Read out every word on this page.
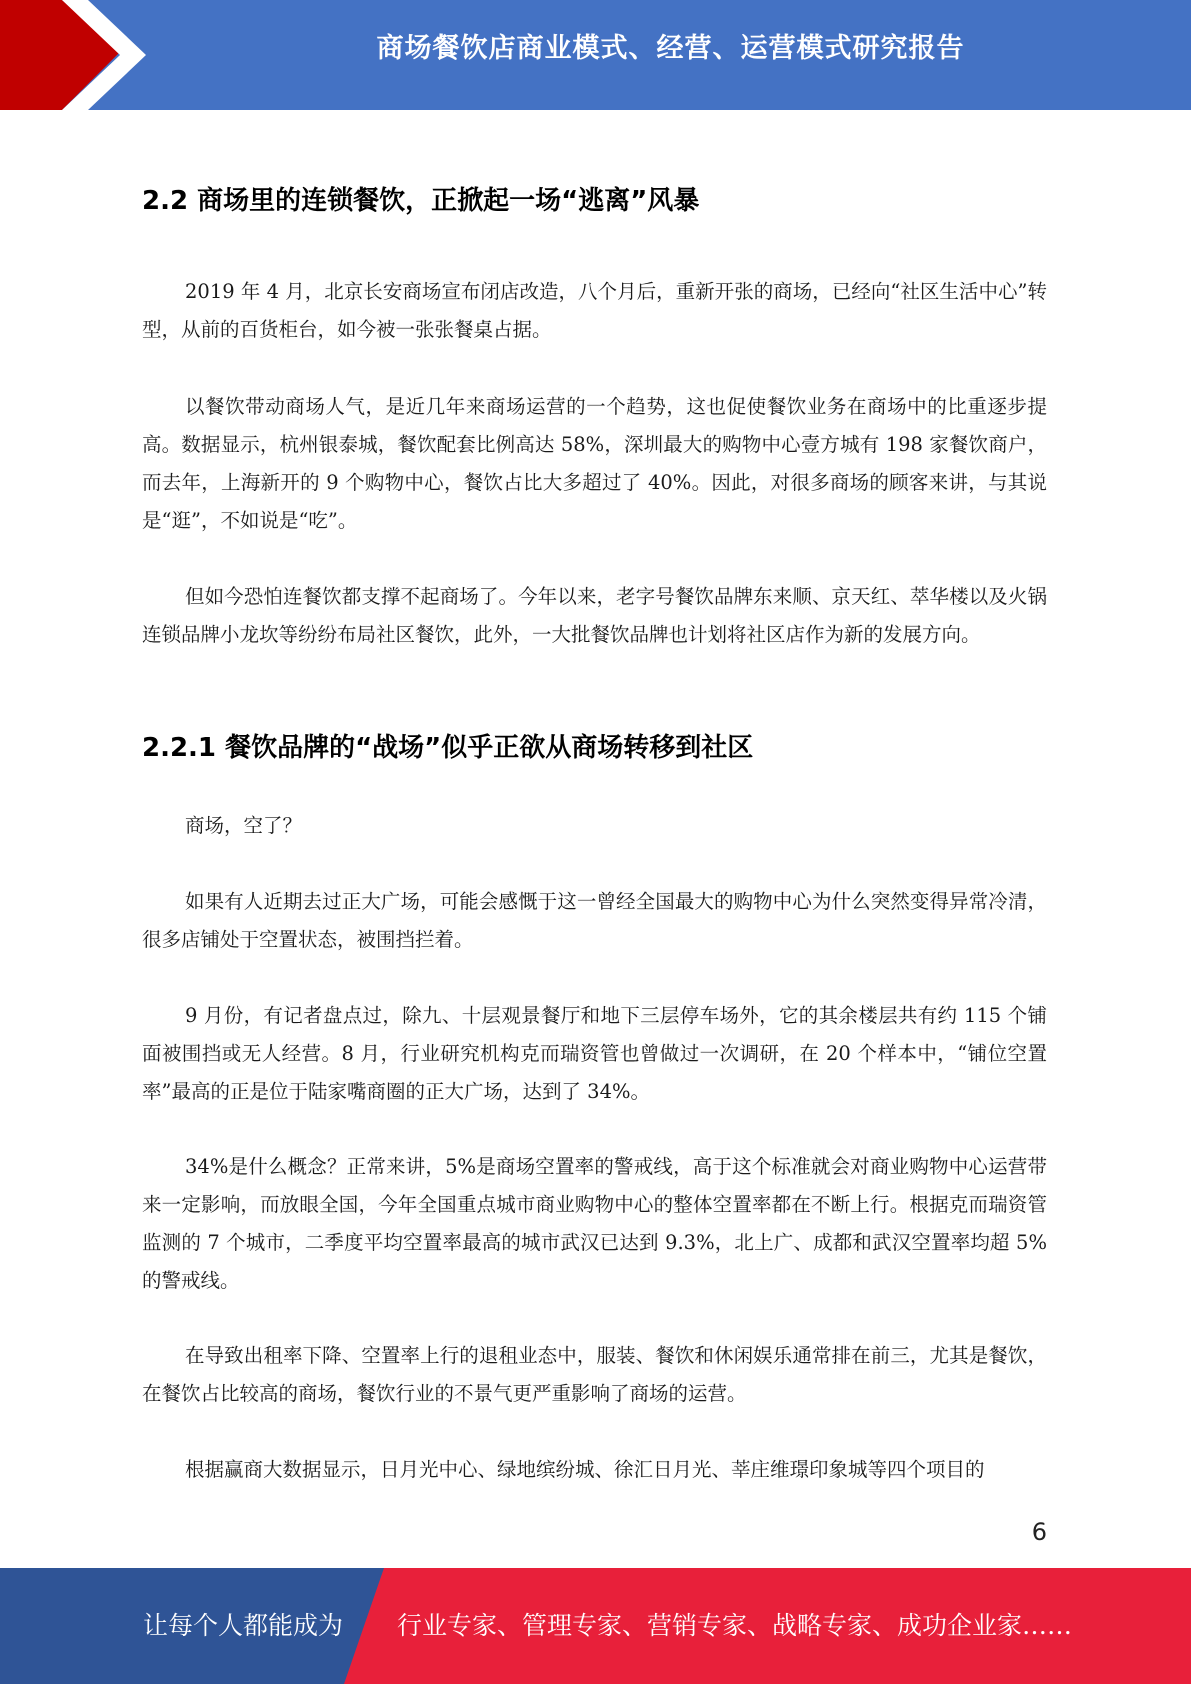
商场餐饮店商业模式、经营、运营模式研究报告
2.2 商场里的连锁餐饮，正掀起一场“逃离”风暴

2019 年 4 月，北京长安商场宣布闭店改造，八个月后，重新开张的商场，已经向“社区生活中心”转型，从前的百货柜台，如今被一张张餐桌占据。

以餐饮带动商场人气，是近几年来商场运营的一个趋势，这也促使餐饮业务在商场中的比重逐步提高。数据显示，杭州银泰城，餐饮配套比例高达 58%，深圳最大的购物中心壹方城有 198 家餐饮商户，而去年，上海新开的 9 个购物中心，餐饮占比大多超过了 40%。因此，对很多商场的顾客来讲，与其说是“逛”，不如说是“吃”。

但如今恐怕连餐饮都支撑不起商场了。今年以来，老字号餐饮品牌东来顺、京天红、萃华楼以及火锅连锁品牌小龙坎等纷纷布局社区餐饮，此外，一大批餐饮品牌也计划将社区店作为新的发展方向。

2.2.1 餐饮品牌的“战场”似乎正欲从商场转移到社区

商场，空了？

如果有人近期去过正大广场，可能会感慨于这一曾经全国最大的购物中心为什么突然变得异常冷清，很多店铺处于空置状态，被围挡拦着。

9 月份，有记者盘点过，除九、十层观景餐厅和地下三层停车场外，它的其余楼层共有约 115 个铺面被围挡或无人经营。8 月，行业研究机构克而瑞资管也曾做过一次调研，在 20 个样本中，“铺位空置率”最高的正是位于陆家嘴商圈的正大广场，达到了 34%。

34%是什么概念？正常来讲，5%是商场空置率的警戒线，高于这个标准就会对商业购物中心运营带来一定影响，而放眼全国，今年全国重点城市商业购物中心的整体空置率都在不断上行。根据克而瑞资管监测的 7 个城市，二季度平均空置率最高的城市武汉已达到 9.3%，北上广、成都和武汉空置率均超 5%的警戒线。

在导致出租率下降、空置率上行的退租业态中，服装、餐饮和休闲娱乐通常排在前三，尤其是餐饮，在餐饮占比较高的商场，餐饮行业的不景气更严重影响了商场的运营。

根据赢商大数据显示，日月光中心、绿地缤纷城、徐汇日月光、莘庄维璟印象城等四个项目的

6
让每个人都能成为 行业专家、管理专家、营销专家、战略专家、成功企业家……
